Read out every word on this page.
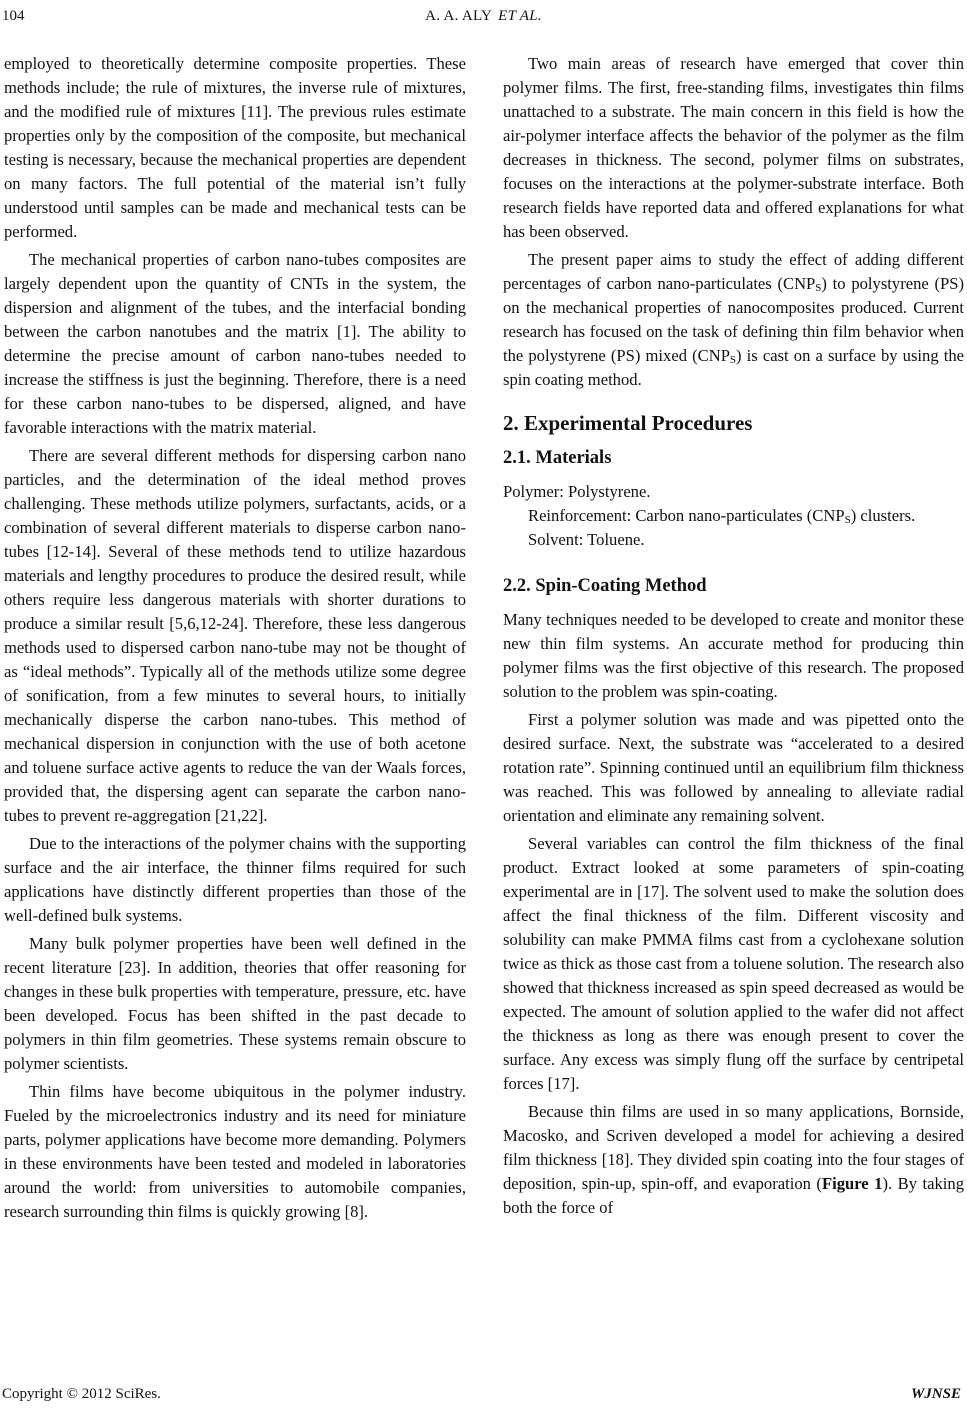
104	A. A. ALY ET AL.

employed to theoretically determine composite properties. These methods include; the rule of mixtures, the inverse rule of mixtures, and the modified rule of mixtures [11]. The previous rules estimate properties only by the composition of the composite, but mechanical testing is necessary, because the mechanical properties are dependent on many factors. The full potential of the material isn’t fully understood until samples can be made and mechanical tests can be performed.

The mechanical properties of carbon nano-tubes composites are largely dependent upon the quantity of CNTs in the system, the dispersion and alignment of the tubes, and the interfacial bonding between the carbon nanotubes and the matrix [1]. The ability to determine the precise amount of carbon nano-tubes needed to increase the stiffness is just the beginning. Therefore, there is a need for these carbon nano-tubes to be dispersed, aligned, and have favorable interactions with the matrix material.

There are several different methods for dispersing carbon nano particles, and the determination of the ideal method proves challenging. These methods utilize polymers, surfactants, acids, or a combination of several different materials to disperse carbon nano-tubes [12-14]. Several of these methods tend to utilize hazardous materials and lengthy procedures to produce the desired result, while others require less dangerous materials with shorter durations to produce a similar result [5,6,12-24]. Therefore, these less dangerous methods used to dispersed carbon nano-tube may not be thought of as “ideal methods”. Typically all of the methods utilize some degree of sonification, from a few minutes to several hours, to initially mechanically disperse the carbon nano-tubes. This method of mechanical dispersion in conjunction with the use of both acetone and toluene surface active agents to reduce the van der Waals forces, provided that, the dispersing agent can separate the carbon nano-tubes to prevent re-aggregation [21,22].

Due to the interactions of the polymer chains with the supporting surface and the air interface, the thinner films required for such applications have distinctly different properties than those of the well-defined bulk systems.

Many bulk polymer properties have been well defined in the recent literature [23]. In addition, theories that offer reasoning for changes in these bulk properties with temperature, pressure, etc. have been developed. Focus has been shifted in the past decade to polymers in thin film geometries. These systems remain obscure to polymer scientists.

Thin films have become ubiquitous in the polymer industry. Fueled by the microelectronics industry and its need for miniature parts, polymer applications have become more demanding. Polymers in these environments have been tested and modeled in laboratories around the world: from universities to automobile companies, research surrounding thin films is quickly growing [8].

Two main areas of research have emerged that cover thin polymer films. The first, free-standing films, investigates thin films unattached to a substrate. The main concern in this field is how the air-polymer interface affects the behavior of the polymer as the film decreases in thickness. The second, polymer films on substrates, focuses on the interactions at the polymer-substrate interface. Both research fields have reported data and offered explanations for what has been observed.

The present paper aims to study the effect of adding different percentages of carbon nano-particulates $(CNP_S)$ to polystyrene (PS) on the mechanical properties of nanocomposites produced. Current research has focused on the task of defining thin film behavior when the polystyrene (PS) mixed $(CNP_S)$ is cast on a surface by using the spin coating method.

2. Experimental Procedures
2.1. Materials

Polymer: Polystyrene.

Reinforcement: Carbon nano-particulates $(CNP_S)$ clusters.

Solvent: Toluene.

2.2. Spin-Coating Method

Many techniques needed to be developed to create and monitor these new thin film systems. An accurate method for producing thin polymer films was the first objective of this research. The proposed solution to the problem was spin-coating.

First a polymer solution was made and was pipetted onto the desired surface. Next, the substrate was “accelerated to a desired rotation rate”. Spinning continued until an equilibrium film thickness was reached. This was followed by annealing to alleviate radial orientation and eliminate any remaining solvent.

Several variables can control the film thickness of the final product. Extract looked at some parameters of spin-coating experimental are in [17]. The solvent used to make the solution does affect the final thickness of the film. Different viscosity and solubility can make PMMA films cast from a cyclohexane solution twice as thick as those cast from a toluene solution. The research also showed that thickness increased as spin speed decreased as would be expected. The amount of solution applied to the wafer did not affect the thickness as long as there was enough present to cover the surface. Any excess was simply flung off the surface by centripetal forces [17].

Because thin films are used in so many applications, Bornside, Macosko, and Scriven developed a model for achieving a desired film thickness [18]. They divided spin coating into the four stages of deposition, spin-up, spin-off, and evaporation (Figure 1). By taking both the force of

Copyright © 2012 SciRes.	WJNSE
